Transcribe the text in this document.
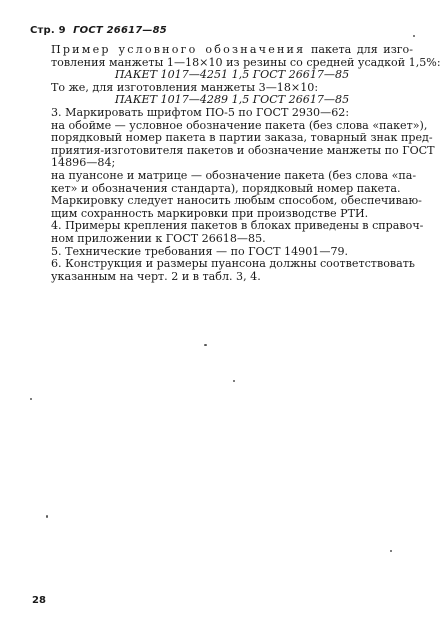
Стр. 9 ГОСТ 26617—85
Пример условного обозначения пакета для изго-
товления манжеты 1—18×10 из резины со средней усадкой 1,5%:
ПАКЕТ 1017—4251 1,5 ГОСТ 26617—85
То же, для изготовления манжеты 3—18×10:
ПАКЕТ 1017—4289 1,5 ГОСТ 26617—85
3. Маркировать шрифтом ПО-5 по ГОСТ 2930—62:
на обойме — условное обозначение пакета (без слова «пакет»),
порядковый номер пакета в партии заказа, товарный знак пред-
приятия-изготовителя пакетов и обозначение манжеты по ГОСТ
14896—84;
на пуансоне и матрице — обозначение пакета (без слова «па-
кет» и обозначения стандарта), порядковый номер пакета.
Маркировку следует наносить любым способом, обеспечиваю-
щим сохранность маркировки при производстве РТИ.
4. Примеры крепления пакетов в блоках приведены в справоч-
ном приложении к ГОСТ 26618—85.
5. Технические требования — по ГОСТ 14901—79.
6. Конструкция и размеры пуансона должны соответствовать
указанным на черт. 2 и в табл. 3, 4.
28
